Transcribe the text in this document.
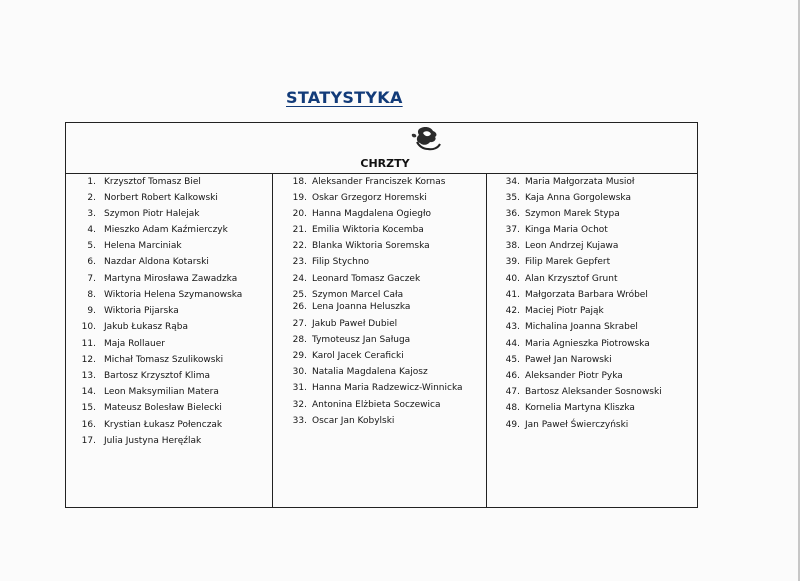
STATYSTYKA
CHRZTY
1. Krzysztof Tomasz Biel
2. Norbert Robert Kalkowski
3. Szymon Piotr Halejak
4. Mieszko Adam Kaźmierczyk
5. Helena Marciniak
6. Nazdar Aldona Kotarski
7. Martyna Mirosława Zawadzka
8. Wiktoria Helena Szymanowska
9. Wiktoria Pijarska
10. Jakub Łukasz Rąba
11. Maja Rollauer
12. Michał Tomasz Szulikowski
13. Bartosz Krzysztof Klima
14. Leon Maksymilian Matera
15. Mateusz Bolesław Bielecki
16. Krystian Łukasz Połenczak
17. Julia Justyna Heręźlak
18. Aleksander Franciszek Kornas
19. Oskar Grzegorz Horemski
20. Hanna Magdalena Ogiegło
21. Emilia Wiktoria Kocemba
22. Blanka Wiktoria Soremska
23. Filip Stychno
24. Leonard Tomasz Gaczek
25. Szymon Marcel Cała
26. Lena Joanna Heluszka
27. Jakub Paweł Dubiel
28. Tymoteusz Jan Saługa
29. Karol Jacek Ceraficki
30. Natalia Magdalena Kajosz
31. Hanna Maria Radzewicz-Winnicka
32. Antonina Elżbieta Soczewica
33. Oscar Jan Kobylski
34. Maria Małgorzata Musioł
35. Kaja Anna Gorgolewska
36. Szymon Marek Stypa
37. Kinga Maria Ochot
38. Leon Andrzej Kujawa
39. Filip Marek Gepfert
40. Alan Krzysztof Grunt
41. Małgorzata Barbara Wróbel
42. Maciej Piotr Pająk
43. Michalina Joanna Skrabel
44. Maria Agnieszka Piotrowska
45. Paweł Jan Narowski
46. Aleksander Piotr Pyka
47. Bartosz Aleksander Sosnowski
48. Kornelia Martyna Kliszka
49. Jan Paweł Świerczyński
